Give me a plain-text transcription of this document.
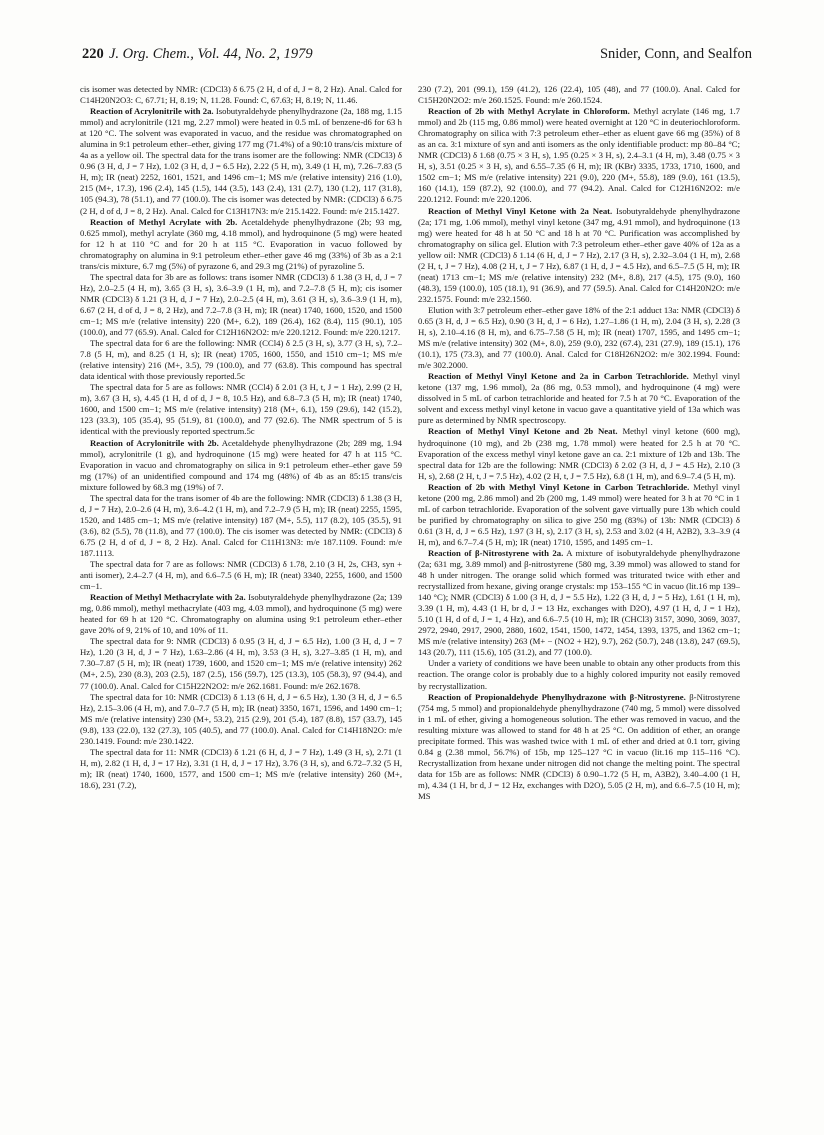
220 J. Org. Chem., Vol. 44, No. 2, 1979	Snider, Conn, and Sealfon

cis isomer was detected by NMR: (CDCl3) δ 6.75 (2 H, d of d, J = 8, 2 Hz). Anal. Calcd for C14H20N2O3: C, 67.71; H, 8.19; N, 11.28. Found: C, 67.63; H, 8.19; N, 11.46.

Reaction of Acrylonitrile with 2a. Isobutyraldehyde phenylhydrazone (2a, 188 mg, 1.15 mmol) and acrylonitrile (121 mg, 2.27 mmol) were heated in 0.5 mL of benzene-d6 for 63 h at 120 °C. The solvent was evaporated in vacuo, and the residue was chromatographed on alumina in 9:1 petroleum ether–ether, giving 177 mg (71.4%) of a 90:10 trans/cis mixture of 4a as a yellow oil. The spectral data for the trans isomer are the following: NMR (CDCl3) δ 0.96 (3 H, d, J = 7 Hz), 1.02 (3 H, d, J = 6.5 Hz), 2.22 (5 H, m), 3.49 (1 H, m), 7.26–7.83 (5 H, m); IR (neat) 2252, 1601, 1521, and 1496 cm−1; MS m/e (relative intensity) 216 (1.0), 215 (M+, 17.3), 196 (2.4), 145 (1.5), 144 (3.5), 143 (2.4), 131 (2.7), 130 (1.2), 117 (31.8), 105 (94.3), 78 (51.1), and 77 (100.0). The cis isomer was detected by NMR: (CDCl3) δ 6.75 (2 H, d of d, J = 8, 2 Hz). Anal. Calcd for C13H17N3: m/e 215.1422. Found: m/e 215.1427.

Reaction of Methyl Acrylate with 2b. Acetaldehyde phenylhydrazone (2b; 93 mg, 0.625 mmol), methyl acrylate (360 mg, 4.18 mmol), and hydroquinone (5 mg) were heated for 12 h at 110 °C and for 20 h at 115 °C. Evaporation in vacuo followed by chromatography on alumina in 9:1 petroleum ether–ether gave 46 mg (33%) of 3b as a 2:1 trans/cis mixture, 6.7 mg (5%) of pyrazone 6, and 29.3 mg (21%) of pyrazoline 5.

The spectral data for 3b are as follows: trans isomer NMR (CDCl3) δ 1.38 (3 H, d, J = 7 Hz), 2.0–2.5 (4 H, m), 3.65 (3 H, s), 3.6–3.9 (1 H, m), and 7.2–7.8 (5 H, m); cis isomer NMR (CDCl3) δ 1.21 (3 H, d, J = 7 Hz), 2.0–2.5 (4 H, m), 3.61 (3 H, s), 3.6–3.9 (1 H, m), 6.67 (2 H, d of d, J = 8, 2 Hz), and 7.2–7.8 (3 H, m); IR (neat) 1740, 1600, 1520, and 1500 cm−1; MS m/e (relative intensity) 220 (M+, 6.2), 189 (26.4), 162 (8.4), 115 (90.1), 105 (100.0), and 77 (65.9). Anal. Calcd for C12H16N2O2: m/e 220.1212. Found: m/e 220.1217.

The spectral data for 6 are the following: NMR (CCl4) δ 2.5 (3 H, s), 3.77 (3 H, s), 7.2–7.8 (5 H, m), and 8.25 (1 H, s); IR (neat) 1705, 1600, 1550, and 1510 cm−1; MS m/e (relative intensity) 216 (M+, 3.5), 79 (100.0), and 77 (63.8). This compound has spectral data identical with those previously reported.5c

The spectral data for 5 are as follows: NMR (CCl4) δ 2.01 (3 H, t, J = 1 Hz), 2.99 (2 H, m), 3.67 (3 H, s), 4.45 (1 H, d of d, J = 8, 10.5 Hz), and 6.8–7.3 (5 H, m); IR (neat) 1740, 1600, and 1500 cm−1; MS m/e (relative intensity) 218 (M+, 6.1), 159 (29.6), 142 (15.2), 123 (33.3), 105 (35.4), 95 (51.9), 81 (100.0), and 77 (92.6). The NMR spectrum of 5 is identical with the previously reported spectrum.5c

Reaction of Acrylonitrile with 2b. Acetaldehyde phenylhydrazone (2b; 289 mg, 1.94 mmol), acrylonitrile (1 g), and hydroquinone (15 mg) were heated for 47 h at 115 °C. Evaporation in vacuo and chromatography on silica in 9:1 petroleum ether–ether gave 59 mg (17%) of an unidentified compound and 174 mg (48%) of 4b as an 85:15 trans/cis mixture followed by 68.3 mg (19%) of 7.

The spectral data for the trans isomer of 4b are the following: NMR (CDCl3) δ 1.38 (3 H, d, J = 7 Hz), 2.0–2.6 (4 H, m), 3.6–4.2 (1 H, m), and 7.2–7.9 (5 H, m); IR (neat) 2255, 1595, 1520, and 1485 cm−1; MS m/e (relative intensity) 187 (M+, 5.5), 117 (8.2), 105 (35.5), 91 (3.6), 82 (5.5), 78 (11.8), and 77 (100.0). The cis isomer was detected by NMR: (CDCl3) δ 6.75 (2 H, d of d, J = 8, 2 Hz). Anal. Calcd for C11H13N3: m/e 187.1109. Found: m/e 187.1113.

The spectral data for 7 are as follows: NMR (CDCl3) δ 1.78, 2.10 (3 H, 2s, CH3, syn + anti isomer), 2.4–2.7 (4 H, m), and 6.6–7.5 (6 H, m); IR (neat) 3340, 2255, 1600, and 1500 cm−1.

Reaction of Methyl Methacrylate with 2a. Isobutyraldehyde phenylhydrazone (2a; 139 mg, 0.86 mmol), methyl methacrylate (403 mg, 4.03 mmol), and hydroquinone (5 mg) were heated for 69 h at 120 °C. Chromatography on alumina using 9:1 petroleum ether–ether gave 20% of 9, 21% of 10, and 10% of 11.

The spectral data for 9: NMR (CDCl3) δ 0.95 (3 H, d, J = 6.5 Hz), 1.00 (3 H, d, J = 7 Hz), 1.20 (3 H, d, J = 7 Hz), 1.63–2.86 (4 H, m), 3.53 (3 H, s), 3.27–3.85 (1 H, m), and 7.30–7.87 (5 H, m); IR (neat) 1739, 1600, and 1520 cm−1; MS m/e (relative intensity) 262 (M+, 2.5), 230 (8.3), 203 (2.5), 187 (2.5), 156 (59.7), 125 (13.3), 105 (58.3), 97 (94.4), and 77 (100.0). Anal. Calcd for C15H22N2O2: m/e 262.1681. Found: m/e 262.1678.

The spectral data for 10: NMR (CDCl3) δ 1.13 (6 H, d, J = 6.5 Hz), 1.30 (3 H, d, J = 6.5 Hz), 2.15–3.06 (4 H, m), and 7.0–7.7 (5 H, m); IR (neat) 3350, 1671, 1596, and 1490 cm−1; MS m/e (relative intensity) 230 (M+, 53.2), 215 (2.9), 201 (5.4), 187 (8.8), 157 (33.7), 145 (9.8), 133 (22.0), 132 (27.3), 105 (40.5), and 77 (100.0). Anal. Calcd for C14H18N2O: m/e 230.1419. Found: m/e 230.1422.

The spectral data for 11: NMR (CDCl3) δ 1.21 (6 H, d, J = 7 Hz), 1.49 (3 H, s), 2.71 (1 H, m), 2.82 (1 H, d, J = 17 Hz), 3.31 (1 H, d, J = 17 Hz), 3.76 (3 H, s), and 6.72–7.32 (5 H, m); IR (neat) 1740, 1600, 1577, and 1500 cm−1; MS m/e (relative intensity) 260 (M+, 18.6), 231 (7.2),

230 (7.2), 201 (99.1), 159 (41.2), 126 (22.4), 105 (48), and 77 (100.0). Anal. Calcd for C15H20N2O2: m/e 260.1525. Found: m/e 260.1524.

Reaction of 2b with Methyl Acrylate in Chloroform. Methyl acrylate (146 mg, 1.7 mmol) and 2b (115 mg, 0.86 mmol) were heated overnight at 120 °C in deuteriochloroform. Chromatography on silica with 7:3 petroleum ether–ether as eluent gave 66 mg (35%) of 8 as an ca. 3:1 mixture of syn and anti isomers as the only identifiable product: mp 80–84 °C; NMR (CDCl3) δ 1.68 (0.75 × 3 H, s), 1.95 (0.25 × 3 H, s), 2.4–3.1 (4 H, m), 3.48 (0.75 × 3 H, s), 3.51 (0.25 × 3 H, s), and 6.55–7.35 (6 H, m); IR (KBr) 3335, 1733, 1710, 1600, and 1502 cm−1; MS m/e (relative intensity) 221 (9.0), 220 (M+, 55.8), 189 (9.0), 161 (13.5), 160 (14.1), 159 (87.2), 92 (100.0), and 77 (94.2). Anal. Calcd for C12H16N2O2: m/e 220.1212. Found: m/e 220.1206.

Reaction of Methyl Vinyl Ketone with 2a Neat. Isobutyraldehyde phenylhydrazone (2a; 171 mg, 1.06 mmol), methyl vinyl ketone (347 mg, 4.91 mmol), and hydroquinone (13 mg) were heated for 48 h at 50 °C and 18 h at 70 °C. Purification was accomplished by chromatography on silica gel. Elution with 7:3 petroleum ether–ether gave 40% of 12a as a yellow oil: NMR (CDCl3) δ 1.14 (6 H, d, J = 7 Hz), 2.17 (3 H, s), 2.32–3.04 (1 H, m), 2.68 (2 H, t, J = 7 Hz), 4.08 (2 H, t, J = 7 Hz), 6.87 (1 H, d, J = 4.5 Hz), and 6.5–7.5 (5 H, m); IR (neat) 1713 cm−1; MS m/e (relative intensity) 232 (M+, 8.8), 217 (4.5), 175 (9.0), 160 (48.3), 159 (100.0), 105 (18.1), 91 (36.9), and 77 (59.5). Anal. Calcd for C14H20N2O: m/e 232.1575. Found: m/e 232.1560.

Elution with 3:7 petroleum ether–ether gave 18% of the 2:1 adduct 13a: NMR (CDCl3) δ 0.65 (3 H, d, J = 6.5 Hz), 0.90 (3 H, d, J = 6 Hz), 1.27–1.86 (1 H, m), 2.04 (3 H, s), 2.28 (3 H, s), 2.10–4.16 (8 H, m), and 6.75–7.58 (5 H, m); IR (neat) 1707, 1595, and 1495 cm−1; MS m/e (relative intensity) 302 (M+, 8.0), 259 (9.0), 232 (67.4), 231 (27.9), 189 (15.1), 176 (10.1), 175 (73.3), and 77 (100.0). Anal. Calcd for C18H26N2O2: m/e 302.1994. Found: m/e 302.2000.

Reaction of Methyl Vinyl Ketone and 2a in Carbon Tetrachloride. Methyl vinyl ketone (137 mg, 1.96 mmol), 2a (86 mg, 0.53 mmol), and hydroquinone (4 mg) were dissolved in 5 mL of carbon tetrachloride and heated for 7.5 h at 70 °C. Evaporation of the solvent and excess methyl vinyl ketone in vacuo gave a quantitative yield of 13a which was pure as determined by NMR spectroscopy.

Reaction of Methyl Vinyl Ketone and 2b Neat. Methyl vinyl ketone (600 mg), hydroquinone (10 mg), and 2b (238 mg, 1.78 mmol) were heated for 2.5 h at 70 °C. Evaporation of the excess methyl vinyl ketone gave an ca. 2:1 mixture of 12b and 13b. The spectral data for 12b are the following: NMR (CDCl3) δ 2.02 (3 H, d, J = 4.5 Hz), 2.10 (3 H, s), 2.68 (2 H, t, J = 7.5 Hz), 4.02 (2 H, t, J = 7.5 Hz), 6.8 (1 H, m), and 6.9–7.4 (5 H, m).

Reaction of 2b with Methyl Vinyl Ketone in Carbon Tetrachloride. Methyl vinyl ketone (200 mg, 2.86 mmol) and 2b (200 mg, 1.49 mmol) were heated for 3 h at 70 °C in 1 mL of carbon tetrachloride. Evaporation of the solvent gave virtually pure 13b which could be purified by chromatography on silica to give 250 mg (83%) of 13b: NMR (CDCl3) δ 0.61 (3 H, d, J = 6.5 Hz), 1.97 (3 H, s), 2.17 (3 H, s), 2.53 and 3.02 (4 H, A2B2), 3.3–3.9 (4 H, m), and 6.7–7.4 (5 H, m); IR (neat) 1710, 1595, and 1495 cm−1.

Reaction of β-Nitrostyrene with 2a. A mixture of isobutyraldehyde phenylhydrazone (2a; 631 mg, 3.89 mmol) and β-nitrostyrene (580 mg, 3.39 mmol) was allowed to stand for 48 h under nitrogen. The orange solid which formed was triturated twice with ether and recrystallized from hexane, giving orange crystals: mp 153–155 °C in vacuo (lit.16 mp 139–140 °C); NMR (CDCl3) δ 1.00 (3 H, d, J = 5.5 Hz), 1.22 (3 H, d, J = 5 Hz), 1.61 (1 H, m), 3.39 (1 H, m), 4.43 (1 H, br d, J = 13 Hz, exchanges with D2O), 4.97 (1 H, d, J = 1 Hz), 5.10 (1 H, d of d, J = 1, 4 Hz), and 6.6–7.5 (10 H, m); IR (CHCl3) 3157, 3090, 3069, 3037, 2972, 2940, 2917, 2900, 2880, 1602, 1541, 1500, 1472, 1454, 1393, 1375, and 1362 cm−1; MS m/e (relative intensity) 263 (M+ − (NO2 + H2), 9.7), 262 (50.7), 248 (13.8), 247 (69.5), 143 (20.7), 111 (15.6), 105 (31.2), and 77 (100.0).

Under a variety of conditions we have been unable to obtain any other products from this reaction. The orange color is probably due to a highly colored impurity not easily removed by recrystallization.

Reaction of Propionaldehyde Phenylhydrazone with β-Nitrostyrene. β-Nitrostyrene (754 mg, 5 mmol) and propionaldehyde phenylhydrazone (740 mg, 5 mmol) were dissolved in 1 mL of ether, giving a homogeneous solution. The ether was removed in vacuo, and the resulting mixture was allowed to stand for 48 h at 25 °C. On addition of ether, an orange precipitate formed. This was washed twice with 1 mL of ether and dried at 0.1 torr, giving 0.84 g (2.38 mmol, 56.7%) of 15b, mp 125–127 °C in vacuo (lit.16 mp 115–116 °C). Recrystallization from hexane under nitrogen did not change the melting point. The spectral data for 15b are as follows: NMR (CDCl3) δ 0.90–1.72 (5 H, m, A3B2), 3.40–4.00 (1 H, m), 4.34 (1 H, br d, J = 12 Hz, exchanges with D2O), 5.05 (2 H, m), and 6.6–7.5 (10 H, m); MS
